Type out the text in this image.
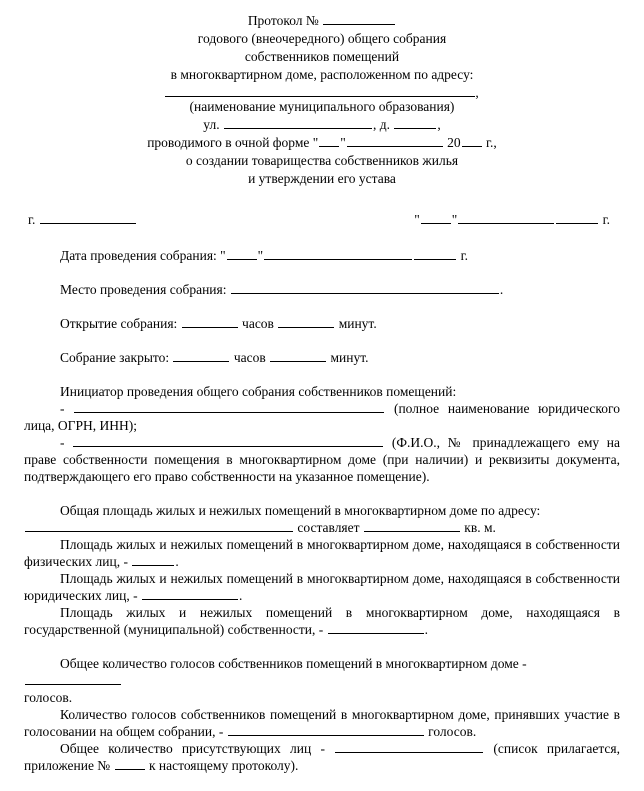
Протокол №
годового (внеочередного) общего собрания
собственников помещений
в многоквартирном доме, расположенном по адресу:
,
(наименование муниципального образования)
ул.	, д.	,
проводимого в очной форме " "	20 г.,
о создании товарищества собственников жилья
и утверждении его устава
г.	" "	г.

Дата проведения собрания: " "	г.

Место проведения собрания:	.

Открытие собрания:	часов	минут.

Собрание закрыто:	часов	минут.

Инициатор проведения общего собрания собственников помещений:

-	(полное наименование юридического лица, ОГРН, ИНН);

-	(Ф.И.О., № принадлежащего ему на праве собственности помещения в многоквартирном доме (при наличии) и реквизиты документа, подтверждающего его право собственности на указанное помещение).

Общая площадь жилых и нежилых помещений в многоквартирном доме по адресу:

составляет	кв. м.

Площадь жилых и нежилых помещений в многоквартирном доме, находящаяся в собственности физических лиц, -	.

Площадь жилых и нежилых помещений в многоквартирном доме, находящаяся в собственности юридических лиц, -	.

Площадь жилых и нежилых помещений в многоквартирном доме, находящаяся в государственной (муниципальной) собственности, -	.

Общее количество голосов собственников помещений в многоквартирном доме -

голосов.

Количество голосов собственников помещений в многоквартирном доме, принявших участие в голосовании на общем собрании, -	голосов.

Общее количество присутствующих лиц -	(список прилагается, приложение №  к настоящему протоколу).
